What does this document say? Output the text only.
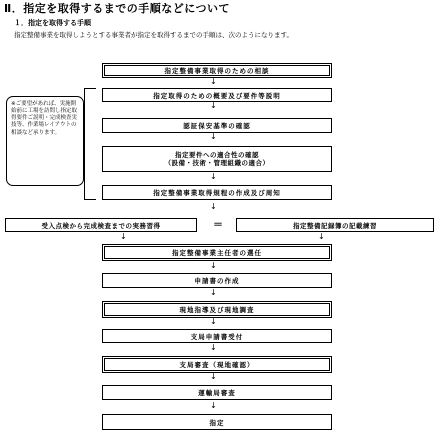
Ⅱ．指定を取得するまでの手順などについて
１．指定を取得する手順
指定整備事業を取得しようとする事業者が指定を取得するまでの手順は、次のようになります。
指定整備事業取得のための相談
↓
指定取得のための概要及び要件等説明
↓
認証保安基準の確認
↓
指定要件への適合性の確認
（設備・技術・管理組織の適合）
↓
指定整備事業取得規程の作成及び周知
↓
※ご要望があれば、実施開始前に工場を訪問し指定取得要件ご説明・完成検査実技等、作業場レイアウトの相談など承ります。
受入点検から完成検査までの実務習得	＝	指定整備記録簿の記載練習
↓	↓
指定整備事業主任者の選任
↓
申請書の作成
↓
現地指導及び現地調査
↓
支局申請書受付
↓
支局審査（現地確認）
↓
運輸局審査
↓
指定
